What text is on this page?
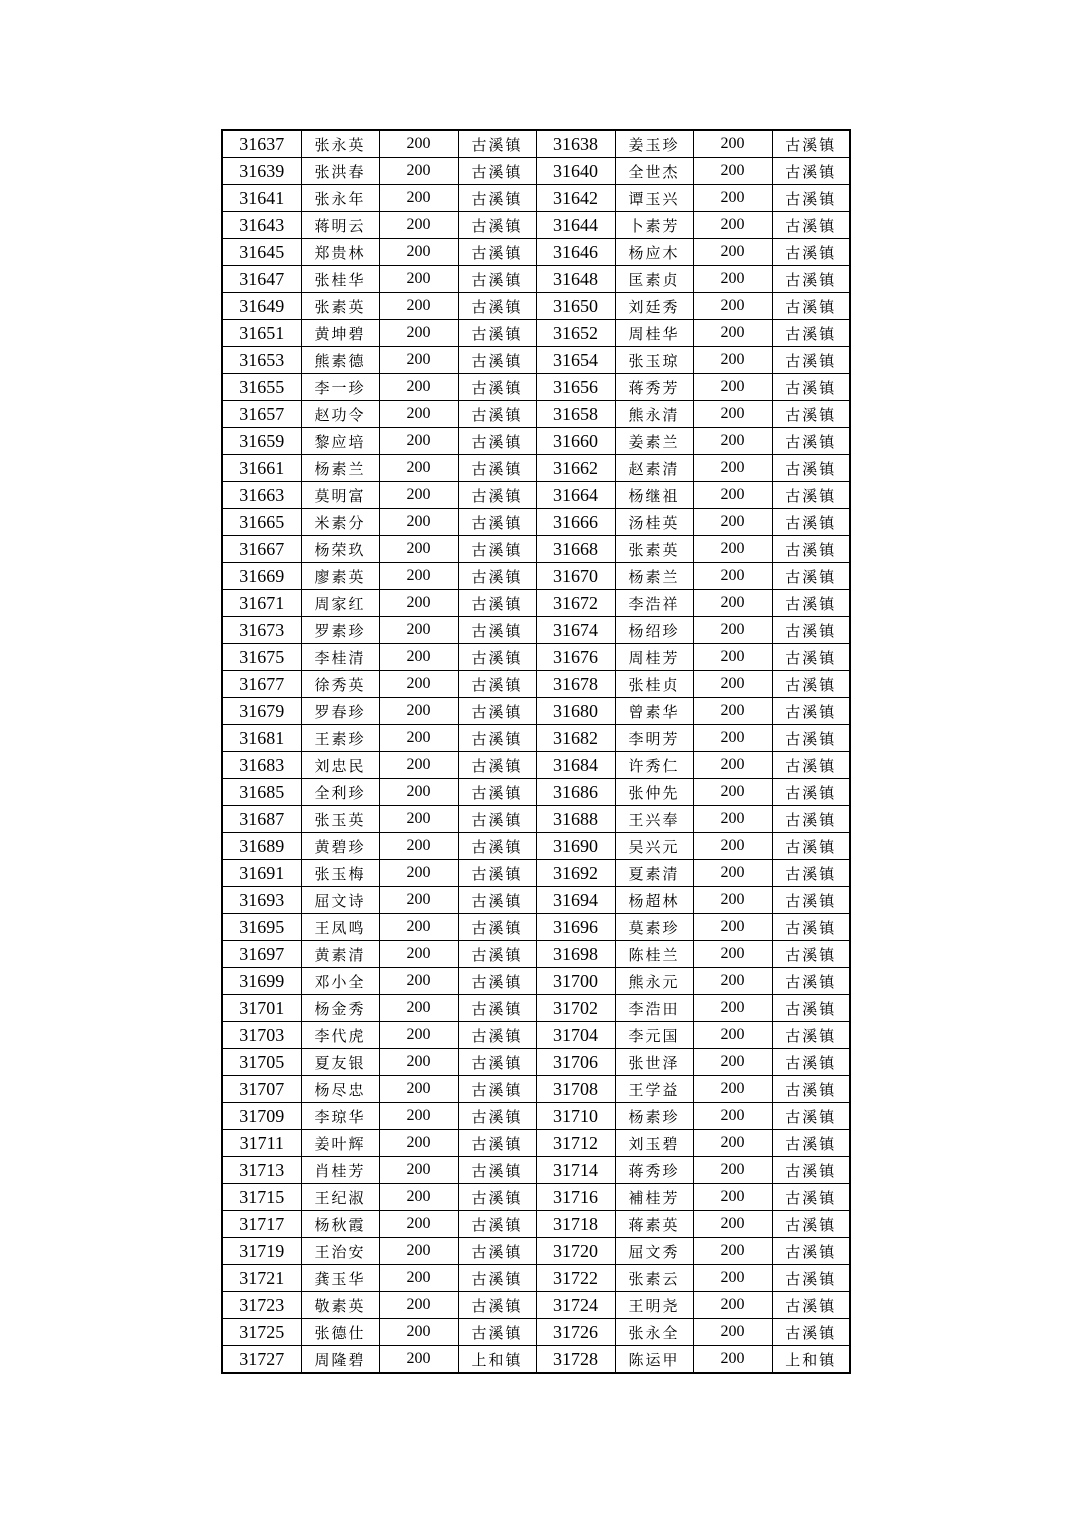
31637	张永英	200	古溪镇	31638	姜玉珍	200	古溪镇
31639	张洪春	200	古溪镇	31640	全世杰	200	古溪镇
31641	张永年	200	古溪镇	31642	谭玉兴	200	古溪镇
31643	蒋明云	200	古溪镇	31644	卜素芳	200	古溪镇
31645	郑贵林	200	古溪镇	31646	杨应木	200	古溪镇
31647	张桂华	200	古溪镇	31648	匡素贞	200	古溪镇
31649	张素英	200	古溪镇	31650	刘廷秀	200	古溪镇
31651	黄坤碧	200	古溪镇	31652	周桂华	200	古溪镇
31653	熊素德	200	古溪镇	31654	张玉琼	200	古溪镇
31655	李一珍	200	古溪镇	31656	蒋秀芳	200	古溪镇
31657	赵功令	200	古溪镇	31658	熊永清	200	古溪镇
31659	黎应培	200	古溪镇	31660	姜素兰	200	古溪镇
31661	杨素兰	200	古溪镇	31662	赵素清	200	古溪镇
31663	莫明富	200	古溪镇	31664	杨继祖	200	古溪镇
31665	米素分	200	古溪镇	31666	汤桂英	200	古溪镇
31667	杨荣玖	200	古溪镇	31668	张素英	200	古溪镇
31669	廖素英	200	古溪镇	31670	杨素兰	200	古溪镇
31671	周家红	200	古溪镇	31672	李浩祥	200	古溪镇
31673	罗素珍	200	古溪镇	31674	杨绍珍	200	古溪镇
31675	李桂清	200	古溪镇	31676	周桂芳	200	古溪镇
31677	徐秀英	200	古溪镇	31678	张桂贞	200	古溪镇
31679	罗春珍	200	古溪镇	31680	曾素华	200	古溪镇
31681	王素珍	200	古溪镇	31682	李明芳	200	古溪镇
31683	刘忠民	200	古溪镇	31684	许秀仁	200	古溪镇
31685	全利珍	200	古溪镇	31686	张仲先	200	古溪镇
31687	张玉英	200	古溪镇	31688	王兴奉	200	古溪镇
31689	黄碧珍	200	古溪镇	31690	吴兴元	200	古溪镇
31691	张玉梅	200	古溪镇	31692	夏素清	200	古溪镇
31693	屈文诗	200	古溪镇	31694	杨超林	200	古溪镇
31695	王凤鸣	200	古溪镇	31696	莫素珍	200	古溪镇
31697	黄素清	200	古溪镇	31698	陈桂兰	200	古溪镇
31699	邓小全	200	古溪镇	31700	熊永元	200	古溪镇
31701	杨金秀	200	古溪镇	31702	李浩田	200	古溪镇
31703	李代虎	200	古溪镇	31704	李元国	200	古溪镇
31705	夏友银	200	古溪镇	31706	张世泽	200	古溪镇
31707	杨尽忠	200	古溪镇	31708	王学益	200	古溪镇
31709	李琼华	200	古溪镇	31710	杨素珍	200	古溪镇
31711	姜叶辉	200	古溪镇	31712	刘玉碧	200	古溪镇
31713	肖桂芳	200	古溪镇	31714	蒋秀珍	200	古溪镇
31715	王纪淑	200	古溪镇	31716	補桂芳	200	古溪镇
31717	杨秋霞	200	古溪镇	31718	蒋素英	200	古溪镇
31719	王治安	200	古溪镇	31720	屈文秀	200	古溪镇
31721	龚玉华	200	古溪镇	31722	张素云	200	古溪镇
31723	敬素英	200	古溪镇	31724	王明尧	200	古溪镇
31725	张德仕	200	古溪镇	31726	张永全	200	古溪镇
31727	周隆碧	200	上和镇	31728	陈运甲	200	上和镇
